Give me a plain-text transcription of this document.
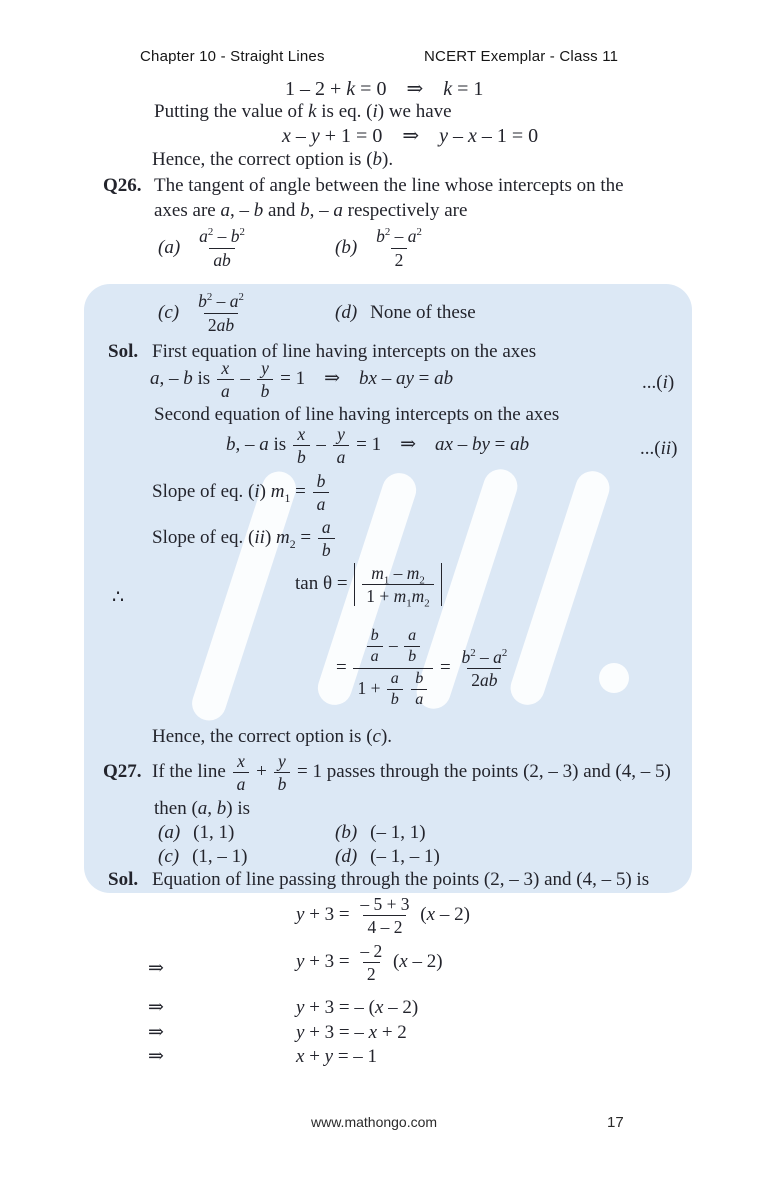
Chapter 10 - Straight Lines	NCERT Exemplar - Class 11
1 – 2 + k = 0    ⇒    k = 1
Putting the value of k is eq. (i) we have
x – y + 1 = 0    ⇒    y – x – 1 = 0
Hence, the correct option is (b).
Q26. The tangent of angle between the line whose intercepts on the
axes are a, – b and b, – a respectively are
$(a) \frac{a^2 - b^2}{ab}$	$(b) \frac{b^2 - a^2}{2}$
$(c) \frac{b^2 - a^2}{2ab}$	(d) None of these
Sol. First equation of line having intercepts on the axes
a, – b is $\frac{x}{a} - \frac{y}{b} = 1$    ⇒    bx – ay = ab	...(i)
Second equation of line having intercepts on the axes
b, – a is $\frac{x}{b} - \frac{y}{a} = 1$    ⇒    ax – by = ab	...(ii)
Slope of eq. (i) $m_1 = \frac{b}{a}$
Slope of eq. (ii) $m_2 = \frac{a}{b}$
∴
$\tan \theta = \frac{m_1 - m_2}{1 + m_1m_2}$
= $\frac{b}{a} - \frac{a}{b}$
$1 + \frac{a}{b}$
$\frac{b}{a} = \frac{b^2 - a^2}{2ab}$
Hence, the correct option is (c).
Q27. If the line $\frac{x}{a} + \frac{y}{b} = 1$ passes through the points (2, – 3) and (4, – 5)
then (a, b) is
(a) (1, 1)	(b) (– 1, 1)
(c) (1, – 1)	(d) (– 1, – 1)
Sol. Equation of line passing through the points (2, – 3) and (4, – 5) is
$y + 3 = \frac{- 5 + 3}{4 - 2} (x - 2)$
⇒	$y + 3 = \frac{- 2}{2} (x - 2)$
⇒	y + 3 = – (x – 2)
⇒	y + 3 = – x + 2
⇒	x + y = – 1
www.mathongo.com	17
